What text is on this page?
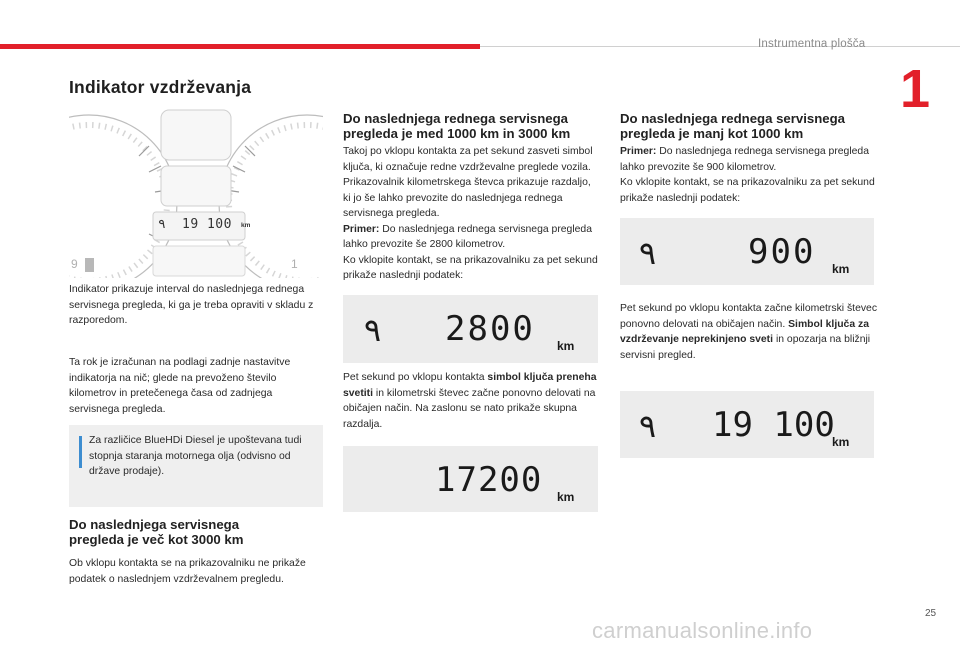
Instrumentna plošča
1
25
carmanualsonline.info
Indikator vzdrževanja
9	1
٩ 19 100 km
Indikator prikazuje interval do naslednjega rednega servisnega pregleda, ki ga je treba opraviti v skladu z razporedom.
Ta rok je izračunan na podlagi zadnje nastavitve indikatorja na nič; glede na prevoženo število kilometrov in pretečenega časa od zadnjega servisnega pregleda.
Za različice BlueHDi Diesel je upoštevana tudi stopnja staranja motornega olja (odvisno od države prodaje).
Do naslednjega servisnega
pregleda je več kot 3000 km
Ob vklopu kontakta se na prikazovalniku ne prikaže podatek o naslednjem vzdrževalnem pregledu.
Do naslednjega rednega servisnega
pregleda je med 1000 km in 3000 km
Takoj po vklopu kontakta za pet sekund zasveti simbol ključa, ki označuje redne vzdrževalne preglede vozila. Prikazovalnik kilometrskega števca prikazuje razdaljo, ki jo še lahko prevozite do naslednjega rednega servisnega pregleda.
Primer: Do naslednjega rednega servisnega pregleda lahko prevozite še 2800 kilometrov.
Ko vklopite kontakt, se na prikazovalniku za pet sekund prikaže naslednji podatek:
٩ 2800 km
Pet sekund po vklopu kontakta simbol ključa preneha svetiti in kilometrski števec začne ponovno delovati na običajen način. Na zaslonu se nato prikaže skupna razdalja.
17200 km
Do naslednjega rednega servisnega
pregleda je manj kot 1000 km
Primer: Do naslednjega rednega servisnega pregleda lahko prevozite še 900 kilometrov.
Ko vklopite kontakt, se na prikazovalniku za pet sekund prikaže naslednji podatek:
٩	900 km
Pet sekund po vklopu kontakta začne kilometrski števec ponovno delovati na običajen način. Simbol ključa za vzdrževanje neprekinjeno sveti in opozarja na bližnji servisni pregled.
٩ 19 100
km
